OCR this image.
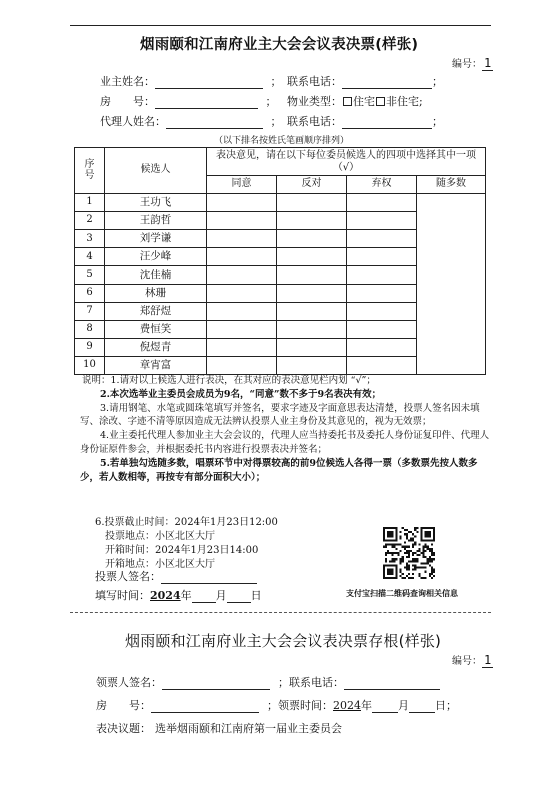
烟雨颐和江南府业主大会会议表决票(样张)
编号： 1
业主姓名：	； 联系电话：	；
房　　号：	； 物业类型： 住宅 非住宅;
代理人姓名：	； 联系电话：	；
（以下排名按姓氏笔画顺序排列）
序号	候选人	表决意见，请在以下每位委员候选人的四项中选择其中一项（√）			
		同意	反对	弃权	随多数
1	王功飞				
2	王韵哲				
3	刘学谦				
4	汪少峰				
5	沈佳楠				
6	林珊				
7	郑舒煜				
8	费恒笑				
9	倪煜青				
10	章宵富				

说明：1.请对以上候选人进行表决，在其对应的表决意见栏内划 “√”；

2.本次选举业主委员会成员为9名，“同意”数不多于9名表决有效；

3.请用钢笔、水笔或圆珠笔填写并签名，要求字迹及字面意思表达清楚，投票人签名因未填写、涂改、字迹不清等原因造成无法辨认投票人业主身份及其意见的，视为无效票；

4.业主委托代理人参加业主大会会议的，代理人应当持委托书及委托人身份证复印件、代理人身份证原件参会，并根据委托书内容进行投票表决并签名；

5.若单独勾选随多数，唱票环节中对得票较高的前9位候选人各得一票（多数票先按人数多少，若人数相等，再按专有部分面积大小）；

6.投票截止时间：2024年1月23日12:00
投票地点：小区北区大厅
开箱时间：2024年1月23日14:00
开箱地点：小区北区大厅
投票人签名：
填写时间：2024年 月 日	支付宝扫描二维码查询相关信息
烟雨颐和江南府业主大会会议表决票存根(样张)
编号： 1
领票人签名：	；联系电话：
房　　号：	；领票时间：2024年 月 日；
表决议题： 选举烟雨颐和江南府第一届业主委员会
